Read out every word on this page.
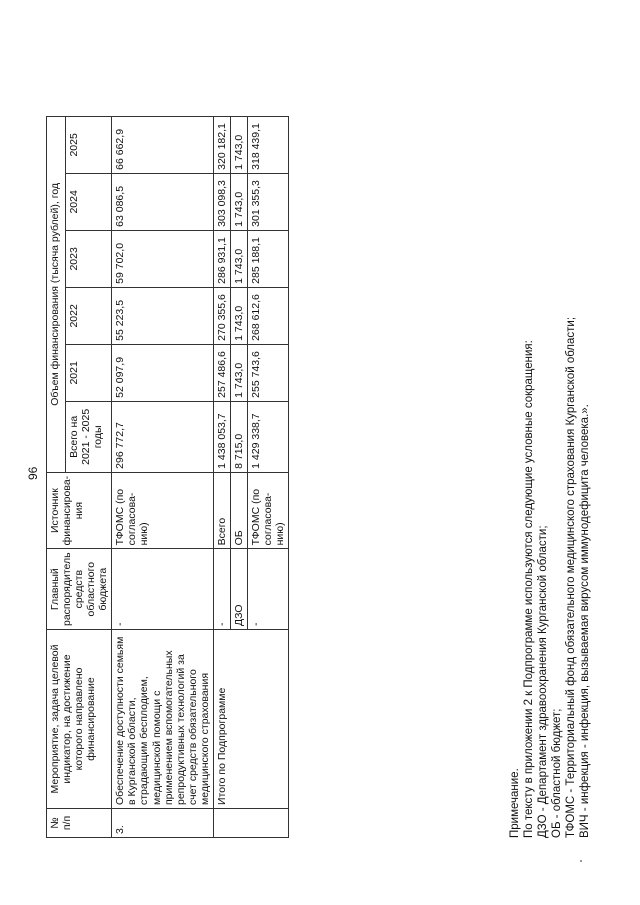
96
№ п/п	Мероприятие, задача целевой индикатор, на достижение которого направлено финансирование	Главный распорядитель средств областного бюджета	Источник финансирова-ния	Объем финансирования (тысяча рублей), год					
				Всего на 2021 - 2025 годы	2021	2022	2023	2024	2025
3.	Обеспечение доступности семьям в Курганской области, страдающим бесплодием, медицинской помощи с применением вспомогательных репродуктивных технологий за счет средств обязательного медицинского страхования	-	ТФОМС (по согласова-нию)	296 772,7	52 097,9	55 223,5	59 702,0	63 086,5	66 662,9
	Итого по Подпрограмме	-	Всего	1 438 053,7	257 486,6	270 355,6	286 931,1	303 098,3	320 182,1
		ДЗО	ОБ	8 715,0	1 743,0	1 743,0	1 743,0	1 743,0	1 743,0
		-	ТФОМС (по согласова-нию)	1 429 338,7	255 743,6	268 612,6	285 188,1	301 355,3	318 439,1

Примечание. По тексту в приложении 2 к Подпрограмме используются следующие условные сокращения: ДЗО - Департамент здравоохранения Курганской области; ОБ - областной бюджет; ТФОМС - Территориальный фонд обязательного медицинского страхования Курганской области; ВИЧ - инфекция - инфекция, вызываемая вирусом иммунодефицита человека.».
